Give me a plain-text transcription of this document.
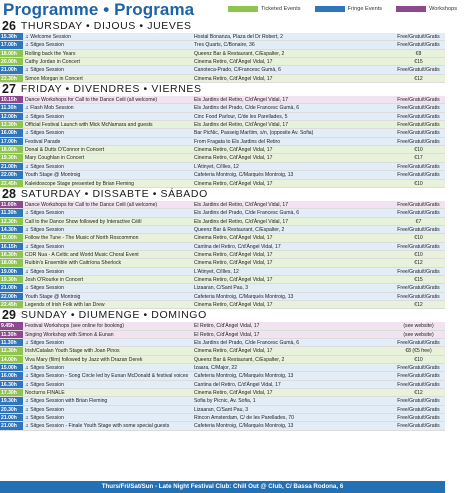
Programme • Programa	Ticketed Events	Fringe Events	Workshops
26 THURSDAY • DIJOUS • JUEVES
15.30h	♫ Welcome Session	Hostal Bonanza, Plaza del Dr Robert, 2	Free/Gratuït/Gratis
17.00h	♫ Sitges Session	Tres Quarts, C/Bonaire, 36	Free/Gratuït/Gratis
18.00h	Rolling back the Years	Queenz Bar & Restaurant, C/Espalter, 2	€8
20.00h	Cathy Jordan in Concert	Cinema Retiro, C/d'Àngel Vidal, 17	€15
21.00h	♫ Sitges Session	Canoteca-Prado, C/Francesc Gumà, 6	Free/Gratuït/Gratis
22.30h	Simon Morgan in Concert	Cinema Retiro, C/d'Àngel Vidal, 17	€12
27 FRIDAY • DIVENDRES • VIERNES
10.15h	Dance Workshops for Call to the Dance Ceili (all welcome)	Els Jardins del Retiro, C/d'Àngel Vidal, 17	Free/Gratuït/Gratis
11.30h	♫ Flash Mob Session	Els Jardins del Prado, C/de Francesc Gumà, 6	Free/Gratuït/Gratis
12.00h	♫ Sitges Session	Cinc Food Parlour, C/de les Parellades, 5	Free/Gratuït/Gratis
12.30h	Official Festival Launch with Mick McNamara and guests	Els Jardins del Retiro, C/d'Àngel Vidal, 17	Free/Gratuït/Gratis
16.00h	♫ Sitges Session	Bar PicNic, Passeig Marítim, s/n, (opposite Av. Sofia)	Free/Gratuït/Gratis
17.00h	Festival Parade	From Fragata to Els Jardins del Retiro	Free/Gratuït/Gratis
18.00h	Donal & Dutts O'Connor in Concert	Cinema Retiro, C/d'Àngel Vidal, 17	€10
19.30h	Mary Coughlan in Concert	Cinema Retiro, C/d'Àngel Vidal, 17	€17
21.00h	♫ Sitges Session	L'Atinyet, C/Illes, 12	Free/Gratuït/Gratis
22.00h	Youth Stage @ Montroig	Cafeteria Montroig, C/Marquès Montroig, 13	Free/Gratuït/Gratis
22.45h	Kaleidoscope Stage presented by Brian Fleming	Cinema Retiro, C/d'Àngel Vidal, 17	€10
28 SATURDAY • DISSABTE • SÁBADO
11.00h	Dance Workshops for Call to the Dance Ceili (all welcome)	Els Jardins del Retiro, C/d'Àngel Vidal, 17	Free/Gratuït/Gratis
11.30h	♫ Sitges Session	Els Jardins del Prado, C/de Francesc Gumà, 6	Free/Gratuït/Gratis
12.30h	Call to the Dance Show followed by Interactive Céilí	Els Jardins del Retiro, C/d'Àngel Vidal, 17	€7
14.30h	♫ Sitges Session	Queenz Bar & Restaurant, C/Espalter, 2	Free/Gratuït/Gratis
15.00h	Follow the Tune - The Music of North Roscommon	Cinema Retiro, C/d'Àngel Vidal, 17	€10
16.15h	♫ Sitges Session	Cantina del Retiro, C/d'Àngel Vidal, 17	Free/Gratuït/Gratis
16.30h	COR Nua - A Celtic and World Music Choral Event	Cinema Retiro, C/d'Àngel Vidal, 17	€10
18.00h	Ruibín's Ensemble with Caitríona Sherlock	Cinema Retiro, C/d'Àngel Vidal, 17	€12
19.00h	♫ Sitges Session	L'Atinyet, C/Illes, 12	Free/Gratuït/Gratis
19.30h	Josh O'Rourke in Concert	Cinema Retiro, C/d'Àngel Vidal, 17	€15
21.00h	♫ Sitges Session	Lizaaran, C/Sant Pau, 3	Free/Gratuït/Gratis
22.00h	Youth Stage @ Montroig	Cafeteria Montroig, C/Marquès Montroig, 13	Free/Gratuït/Gratis
22.45h	Legends of Irish Folk with Ian Drew	Cinema Retiro, C/d'Àngel Vidal, 17	€12
29 SUNDAY • DIUMENGE • DOMINGO
9.45h	Festival Workshops (see online for booking)	El Retiro, C/d'Àngel Vidal, 17	(see website)
11.30h	Singing Workshop with Simon & Eunan	El Retiro, C/d'Àngel Vidal, 17	(see website)
11.30h	♫ Sitges Session	Els Jardins del Prado, C/de Francesc Gumà, 6	Free/Gratuït/Gratis
12.30h	Irish/Catalan Youth Stage with Joan Pinos	Cinema Retiro, C/d'Àngel Vidal, 17	€8 (€5 free)
14.00h	Viva Mary (film) followed by Jazz with Drazan Derek	Queenz Bar & Restaurant, C/Espalter, 2	€10
15.00h	♫ Sitges Session	Izaara, C/Major, 22	Free/Gratuït/Gratis
16.00h	♫ Sitges Session - Song Circle led by Eunan McDonald & festival voices	Cafeteria Montroig, C/Marquès Montroig, 13	Free/Gratuït/Gratis
16.30h	♫ Sitges Session	Cantina del Retiro, C/d'Àngel Vidal, 17	Free/Gratuït/Gratis
17.30h	Nocturns FINALE	Cinema Retiro, C/d'Àngel Vidal, 17	€12
19.30h	♫ Sitges Session with Brian Fleming	Sofia by Picnic, Av. Sofia, 1	Free/Gratuït/Gratis
20.30h	♫ Sitges Session	Lizaaran, C/Sant Pau, 3	Free/Gratuït/Gratis
21.00h	♫ Sitges Session	Rincon Amsterdam, C/ de les Parellades, 70	Free/Gratuït/Gratis
21.00h	♫ Sitges Session - Finale Youth Stage with some special guests	Cafeteria Montroig, C/Marquès Montroig, 13	Free/Gratuït/Gratis
Thurs/Fri/Sat/Sun - Late Night Festival Club: Chill Out @ Club, C/ Bassa Rodona, 6
